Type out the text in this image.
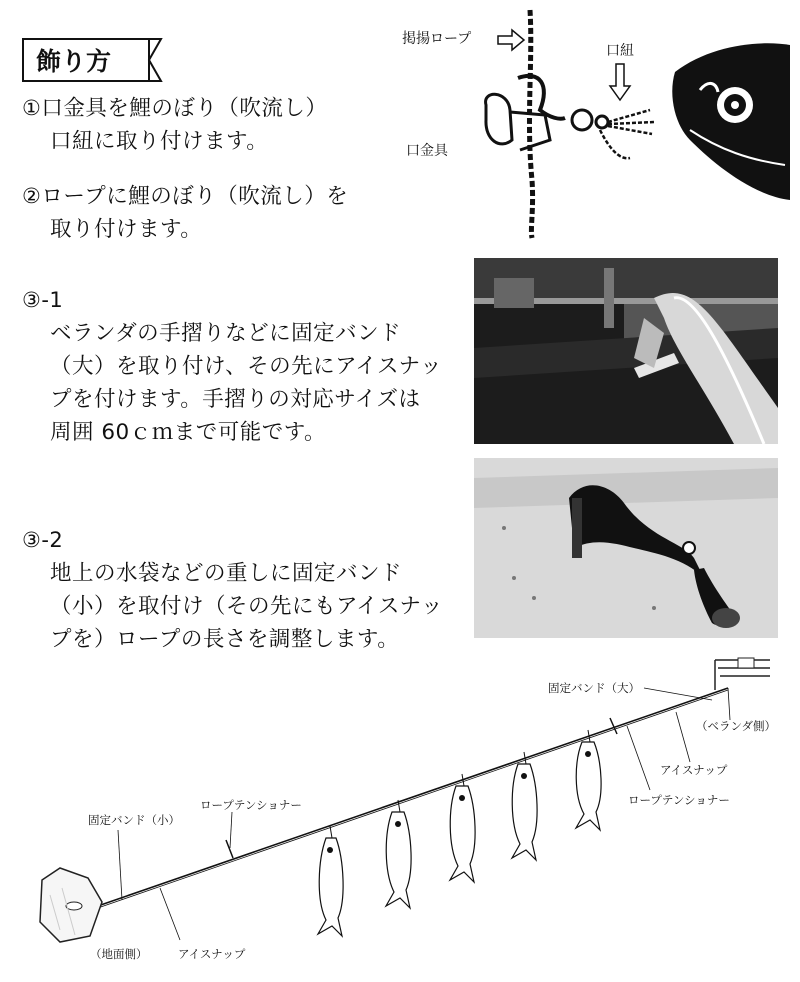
飾り方
①口金具を鯉のぼり（吹流し）
口紐に取り付けます。
②ロープに鯉のぼり（吹流し）を
取り付けます。
③-1
ベランダの手摺りなどに固定バンド
（大）を取り付け、その先にアイスナッ
プを付けます。手摺りの対応サイズは
周囲 60ｃｍまで可能です。
③-2
地上の水袋などの重しに固定バンド
（小）を取付け（その先にもアイスナッ
プを）ロープの長さを調整します。
掲揚ロープ
口紐
口金具
固定バンド（大）
（ベランダ側）
アイスナップ
ロープテンショナー
ロープテンショナー
固定バンド（小）
（地面側）	アイスナップ
